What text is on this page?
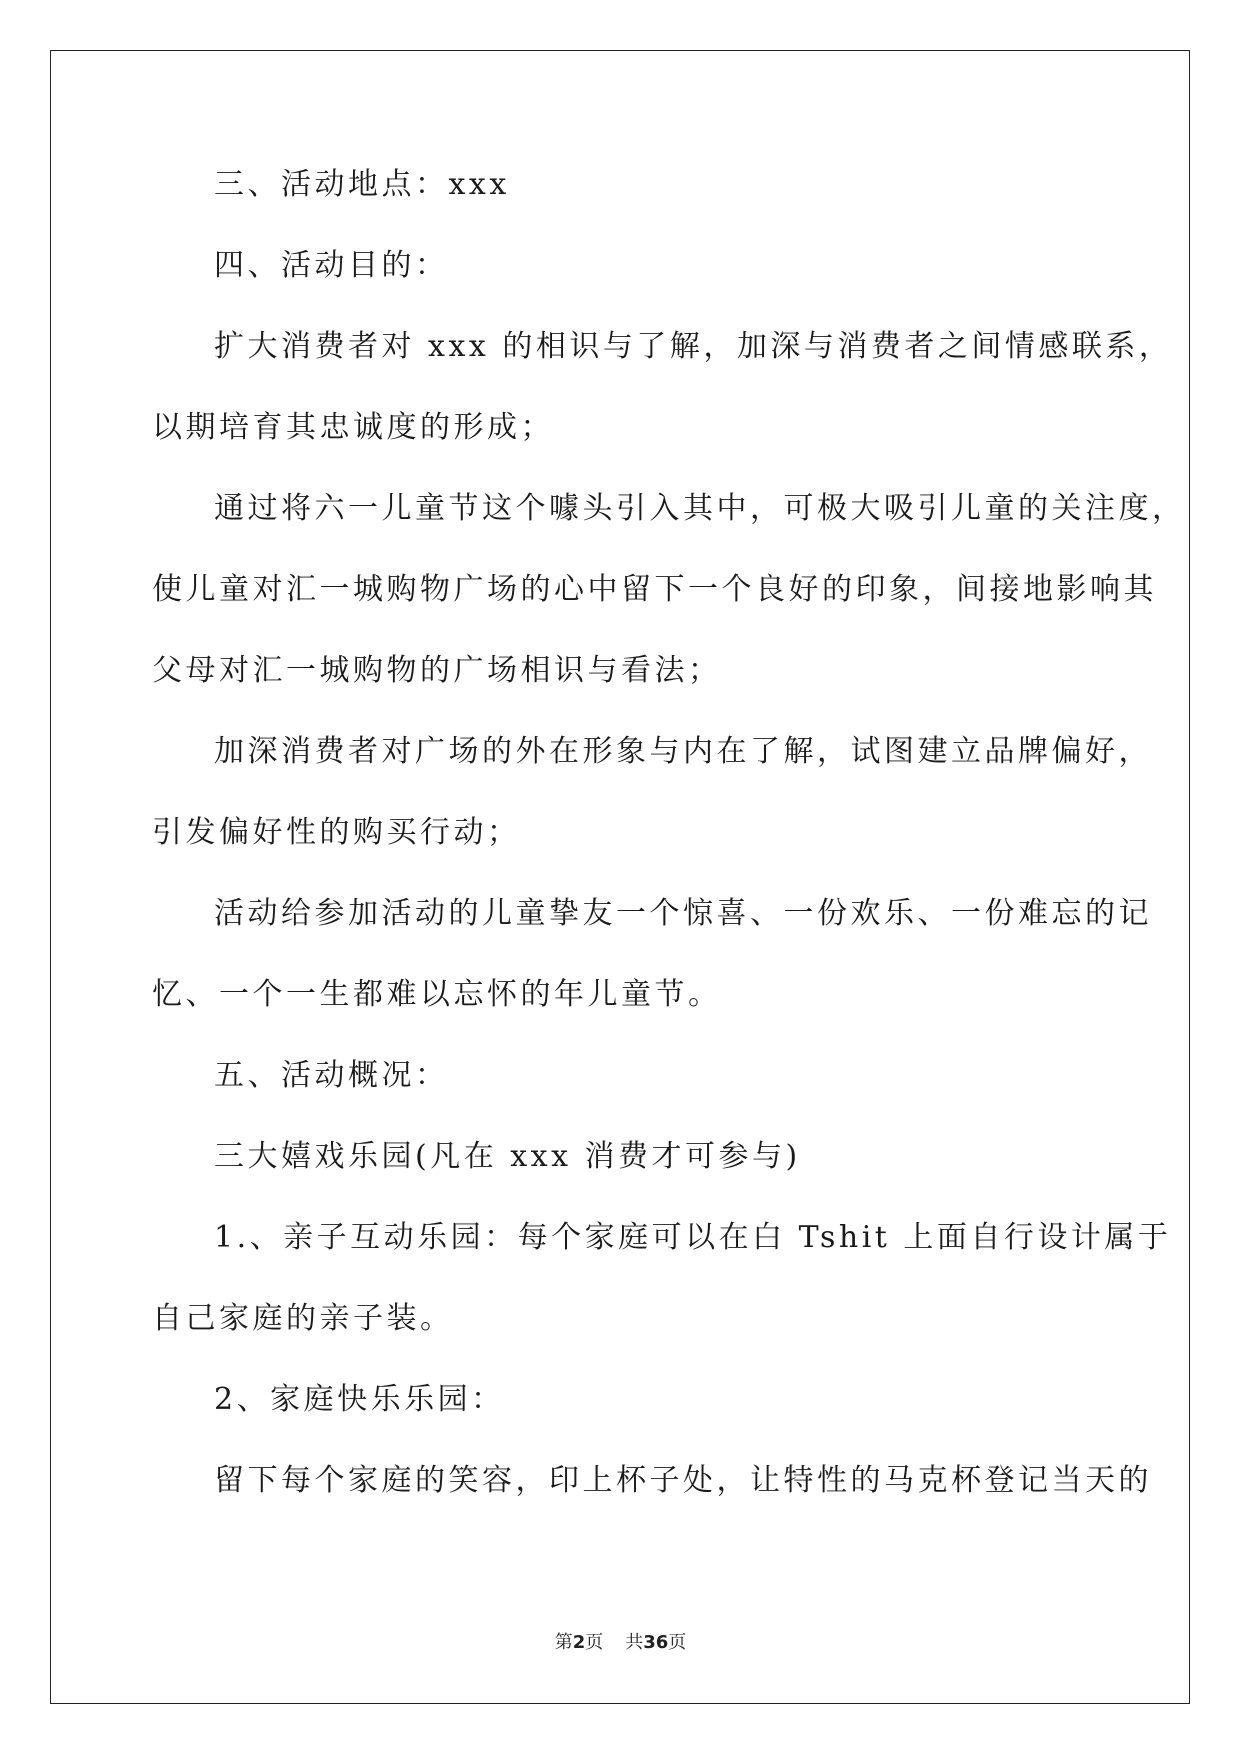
三、活动地点：xxx
四、活动目的：
扩大消费者对 xxx 的相识与了解，加深与消费者之间情感联系，
以期培育其忠诚度的形成；
通过将六一儿童节这个噱头引入其中，可极大吸引儿童的关注度，
使儿童对汇一城购物广场的心中留下一个良好的印象，间接地影响其
父母对汇一城购物的广场相识与看法；
加深消费者对广场的外在形象与内在了解，试图建立品牌偏好，
引发偏好性的购买行动；
活动给参加活动的儿童挚友一个惊喜、一份欢乐、一份难忘的记
忆、一个一生都难以忘怀的年儿童节。
五、活动概况：
三大嬉戏乐园(凡在 xxx 消费才可参与)
1.、亲子互动乐园：每个家庭可以在白 Tshit 上面自行设计属于
自己家庭的亲子装。
2、家庭快乐乐园：
留下每个家庭的笑容，印上杯子处，让特性的马克杯登记当天的
第2页 共36页
